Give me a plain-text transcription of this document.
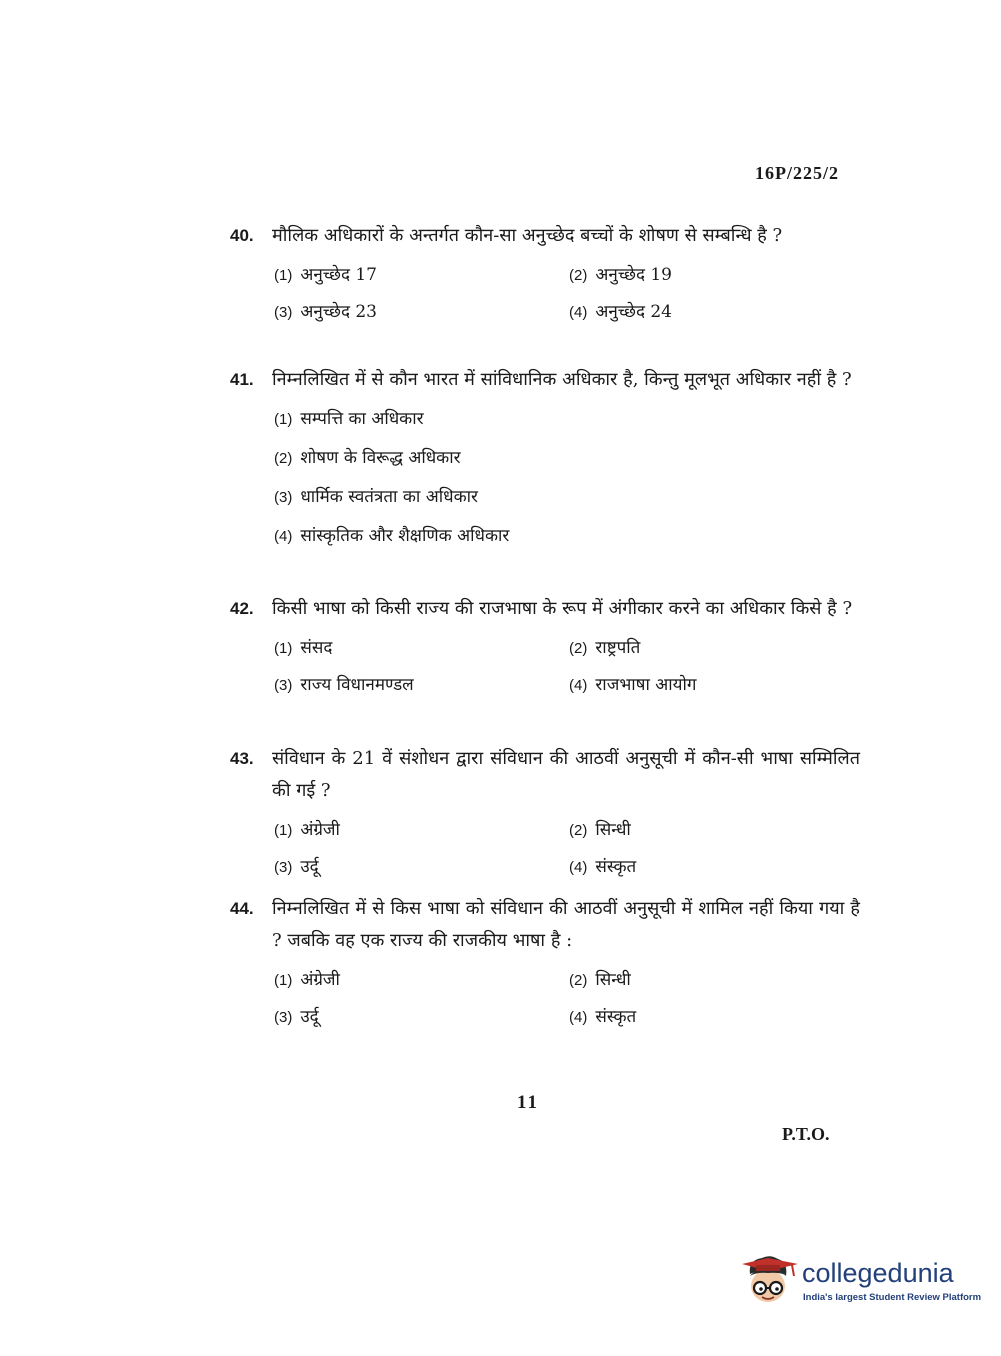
16P/225/2
40.	मौलिक अधिकारों के अन्तर्गत कौन-सा अनुच्छेद बच्चों के शोषण से सम्बन्धि है ?
(1) अनुच्छेद 17	(2) अनुच्छेद 19
(3) अनुच्छेद 23	(4) अनुच्छेद 24
41.	निम्नलिखित में से कौन भारत में सांविधानिक अधिकार है, किन्तु मूलभूत अधिकार नहीं है ?
(1) सम्पत्ति का अधिकार
(2) शोषण के विरूद्ध अधिकार
(3) धार्मिक स्वतंत्रता का अधिकार
(4) सांस्कृतिक और शैक्षणिक अधिकार
42.	किसी भाषा को किसी राज्य की राजभाषा के रूप में अंगीकार करने का अधिकार किसे है ?
(1) संसद	(2) राष्ट्रपति
(3) राज्य विधानमण्डल	(4) राजभाषा आयोग
43.	संविधान के 21 वें संशोधन द्वारा संविधान की आठवीं अनुसूची में कौन-सी भाषा सम्मिलित की गई ?
(1) अंग्रेजी	(2) सिन्धी
(3) उर्दू	(4) संस्कृत
44.	निम्नलिखित में से किस भाषा को संविधान की आठवीं अनुसूची में शामिल नहीं किया गया है ? जबकि वह एक राज्य की राजकीय भाषा है :
(1) अंग्रेजी	(2) सिन्धी
(3) उर्दू	(4) संस्कृत
11
P.T.O.
collegedunia
India's largest Student Review Platform
